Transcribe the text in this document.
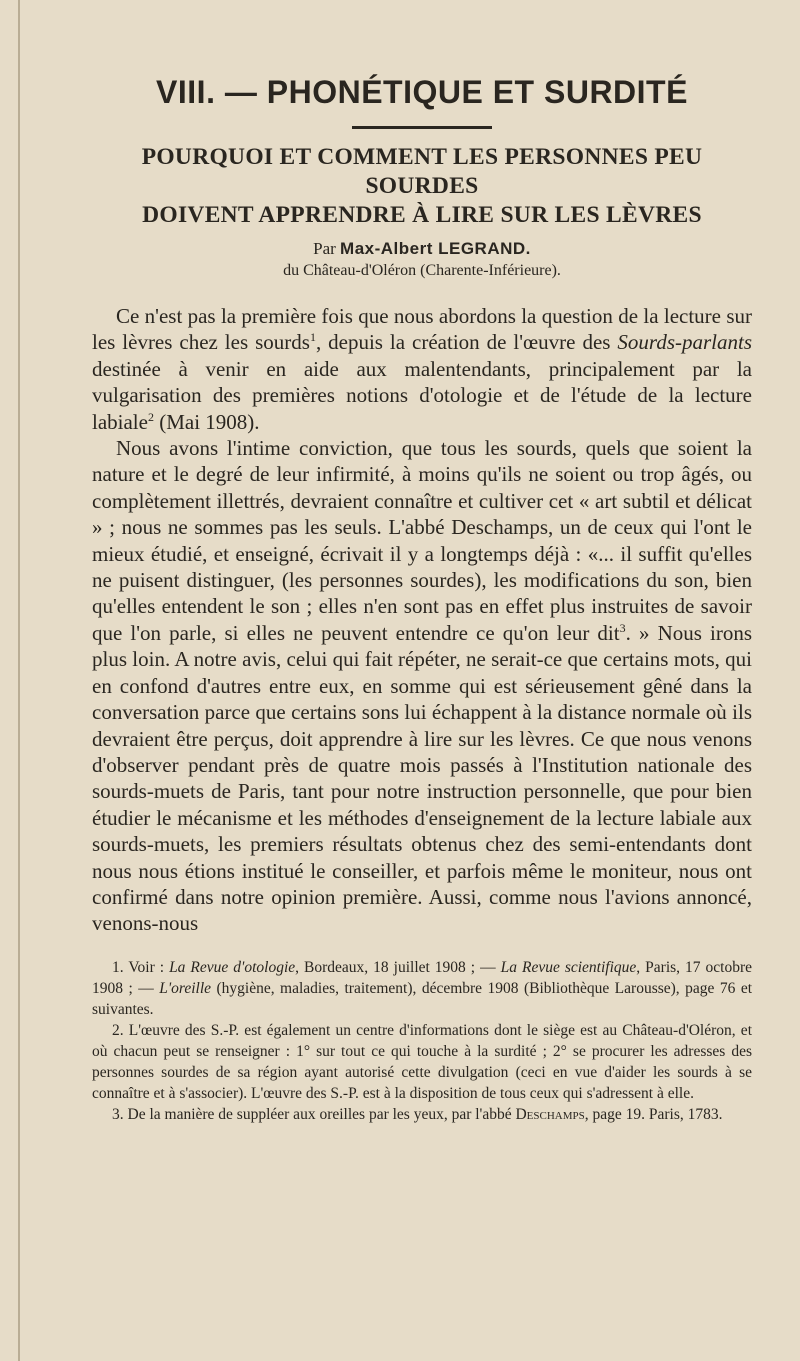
VIII. — PHONÉTIQUE ET SURDITÉ
POURQUOI ET COMMENT LES PERSONNES PEU SOURDES
DOIVENT APPRENDRE À LIRE SUR LES LÈVRES
Par Max-Albert LEGRAND.
du Château-d'Oléron (Charente-Inférieure).

Ce n'est pas la première fois que nous abordons la question de la lecture sur les lèvres chez les sourds$^1$, depuis la création de l'œuvre des Sourds-parlants destinée à venir en aide aux malentendants, principalement par la vulgarisation des premières notions d'otologie et de l'étude de la lecture labiale$^2$ (Mai 1908).

Nous avons l'intime conviction, que tous les sourds, quels que soient la nature et le degré de leur infirmité, à moins qu'ils ne soient ou trop âgés, ou complètement illettrés, devraient connaître et cultiver cet « art subtil et délicat » ; nous ne sommes pas les seuls. L'abbé Deschamps, un de ceux qui l'ont le mieux étudié, et enseigné, écrivait il y a longtemps déjà : «... il suffit qu'elles ne puisent distinguer, (les personnes sourdes), les modifications du son, bien qu'elles entendent le son ; elles n'en sont pas en effet plus instruites de savoir que l'on parle, si elles ne peuvent entendre ce qu'on leur dit$^3$. » Nous irons plus loin. A notre avis, celui qui fait répéter, ne serait-ce que certains mots, qui en confond d'autres entre eux, en somme qui est sérieusement gêné dans la conversation parce que certains sons lui échappent à la distance normale où ils devraient être perçus, doit apprendre à lire sur les lèvres. Ce que nous venons d'observer pendant près de quatre mois passés à l'Institution nationale des sourds-muets de Paris, tant pour notre instruction personnelle, que pour bien étudier le mécanisme et les méthodes d'enseignement de la lecture labiale aux sourds-muets, les premiers résultats obtenus chez des semi-entendants dont nous nous étions institué le conseiller, et parfois même le moniteur, nous ont confirmé dans notre opinion première. Aussi, comme nous l'avions annoncé, venons-nous

1. Voir : La Revue d'otologie, Bordeaux, 18 juillet 1908 ; — La Revue scientifique, Paris, 17 octobre 1908 ; — L'oreille (hygiène, maladies, traitement), décembre 1908 (Bibliothèque Larousse), page 76 et suivantes.

2. L'œuvre des S.-P. est également un centre d'informations dont le siège est au Château-d'Oléron, et où chacun peut se renseigner : 1° sur tout ce qui touche à la surdité ; 2° se procurer les adresses des personnes sourdes de sa région ayant autorisé cette divulgation (ceci en vue d'aider les sourds à se connaître et à s'associer). L'œuvre des S.-P. est à la disposition de tous ceux qui s'adressent à elle.

3. De la manière de suppléer aux oreilles par les yeux, par l'abbé Deschamps, page 19. Paris, 1783.
